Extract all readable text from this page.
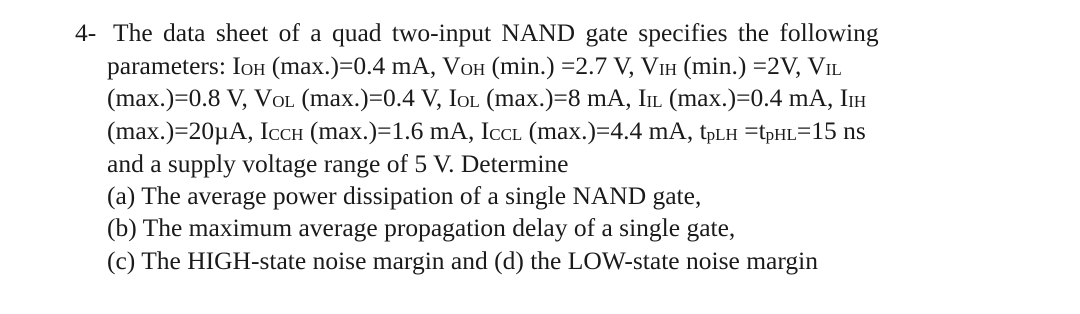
4- The data sheet of a quad two-input NAND gate specifies the following
parameters: IOH (max.)=0.4 mA, VOH (min.) =2.7 V, VIH (min.) =2V, VIL
(max.)=0.8 V, VOL (max.)=0.4 V, IOL (max.)=8 mA, IIL (max.)=0.4 mA, IIH
(max.)=20µA, ICCH (max.)=1.6 mA, ICCL (max.)=4.4 mA, tpLH =tpHL=15 ns
and a supply voltage range of 5 V. Determine
(a) The average power dissipation of a single NAND gate,
(b) The maximum average propagation delay of a single gate,
(c) The HIGH-state noise margin and (d) the LOW-state noise margin
